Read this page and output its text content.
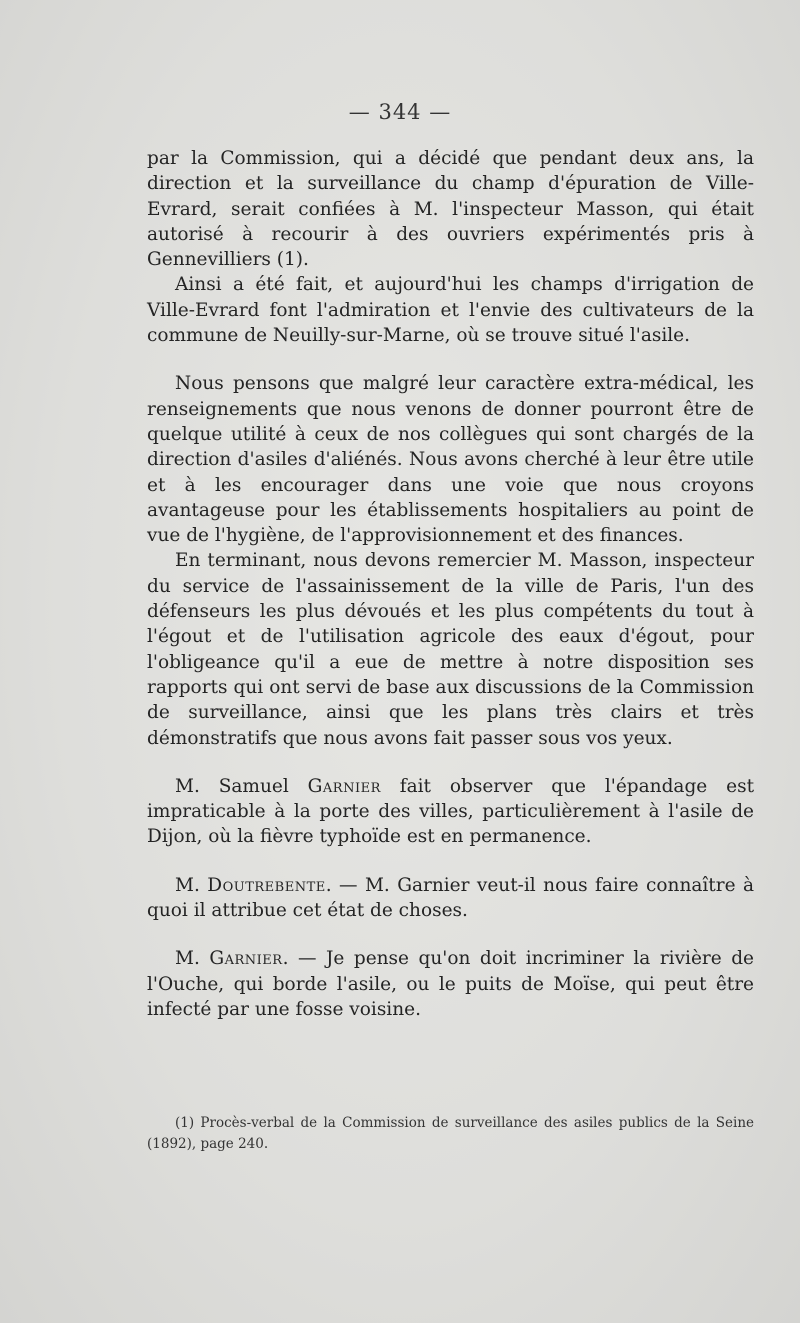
— 344 —

par la Commission, qui a décidé que pendant deux ans, la direction et la surveillance du champ d'épuration de Ville-Evrard, serait confiées à M. l'inspecteur Masson, qui était autorisé à recourir à des ouvriers expérimentés pris à Gennevilliers (1).

Ainsi a été fait, et aujourd'hui les champs d'irrigation de Ville-Evrard font l'admiration et l'envie des cultivateurs de la commune de Neuilly-sur-Marne, où se trouve situé l'asile.

Nous pensons que malgré leur caractère extra-médical, les renseignements que nous venons de donner pourront être de quelque utilité à ceux de nos collègues qui sont chargés de la direction d'asiles d'aliénés. Nous avons cherché à leur être utile et à les encourager dans une voie que nous croyons avantageuse pour les établissements hospitaliers au point de vue de l'hygiène, de l'approvisionnement et des finances.

En terminant, nous devons remercier M. Masson, inspecteur du service de l'assainissement de la ville de Paris, l'un des défenseurs les plus dévoués et les plus compétents du tout à l'égout et de l'utilisation agricole des eaux d'égout, pour l'obligeance qu'il a eue de mettre à notre disposition ses rapports qui ont servi de base aux discussions de la Commission de surveillance, ainsi que les plans très clairs et très démonstratifs que nous avons fait passer sous vos yeux.

M. Samuel Garnier fait observer que l'épandage est impraticable à la porte des villes, particulièrement à l'asile de Dijon, où la fièvre typhoïde est en permanence.

M. Doutrebente. — M. Garnier veut-il nous faire connaître à quoi il attribue cet état de choses.

M. Garnier. — Je pense qu'on doit incriminer la rivière de l'Ouche, qui borde l'asile, ou le puits de Moïse, qui peut être infecté par une fosse voisine.

(1) Procès-verbal de la Commission de surveillance des asiles publics de la Seine (1892), page 240.
